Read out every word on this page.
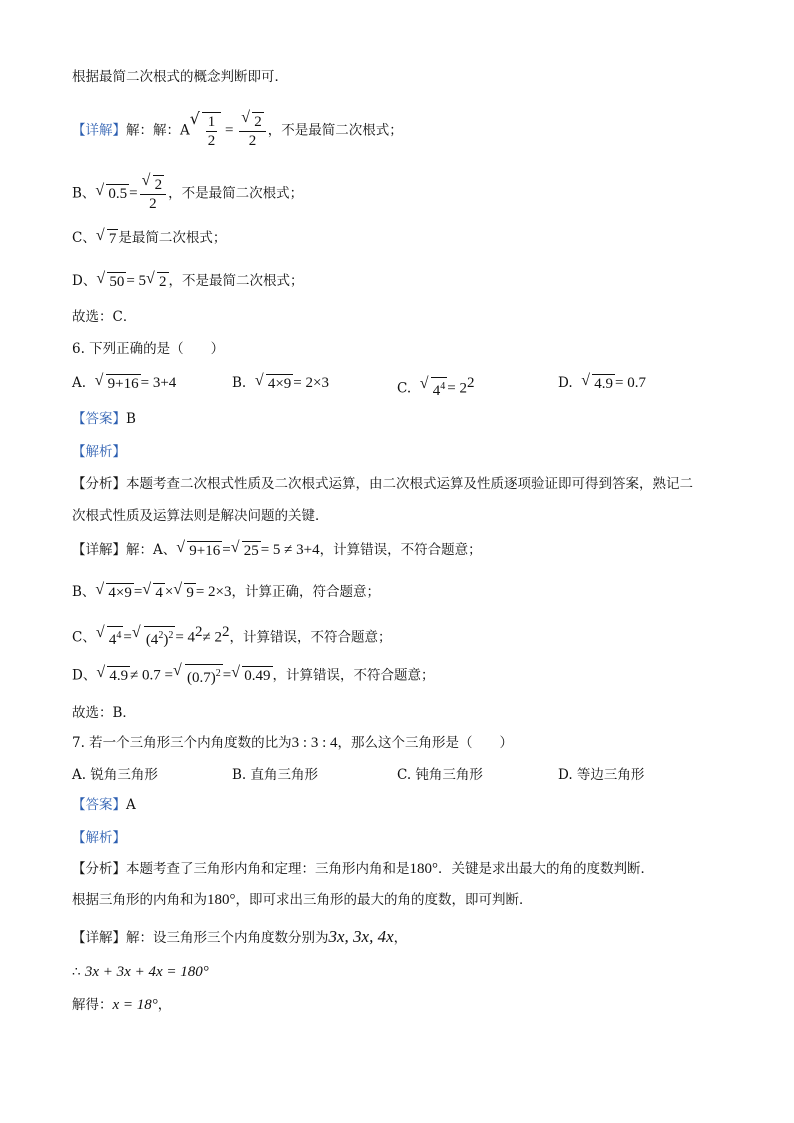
根据最简二次根式的概念判断即可．
【详解】解：解：A √ $\frac{1}{2}$ = √ $\frac{2}{2}$ ，不是最简二次根式；
B、 √ 0.5 = √ $\frac{2}{2}$ ，不是最简二次根式；
C、 √ 7 是最简二次根式；
D、 √ 50 = 5 √ 2 ，不是最简二次根式；
故选：C．
6. 下列正确的是（　　）
A. √ 9+16 = 3+4	B. √ 4×9 = 2×3	C. √ $4^4 = 2^2$	D. √ 4.9 = 0.7
【答案】B
【解析】
【分析】本题考查二次根式性质及二次根式运算，由二次根式运算及性质逐项验证即可得到答案，熟记二
次根式性质及运算法则是解决问题的关键．
【详解】解：A、 √ 9+16 = √ 25 = 5 ≠ 3+4，计算错误，不符合题意；
B、 √ 4×9 = √ 4 × √ 9 = 2×3，计算正确，符合题意；
C、 √ $4^4$ = √ $(4^2)^2 = 4^2\ne 2^2$，计算错误，不符合题意；
D、 √ 4.9 ≠ 0.7 = √ $(0.7)^2$ = √ 0.49 ，计算错误，不符合题意；
故选：B．
7. 若一个三角形三个内角度数的比为3 : 3 : 4，那么这个三角形是（　　）
A. 锐角三角形	B. 直角三角形	C. 钝角三角形	D. 等边三角形
【答案】A
【解析】
【分析】本题考查了三角形内角和定理：三角形内角和是180°．关键是求出最大的角的度数判断．
根据三角形的内角和为180°，即可求出三角形的最大的角的度数，即可判断．
【详解】解：设三角形三个内角度数分别为3x, 3x, 4x，
∴ 3x + 3x + 4x = 180°
解得：x = 18°，
